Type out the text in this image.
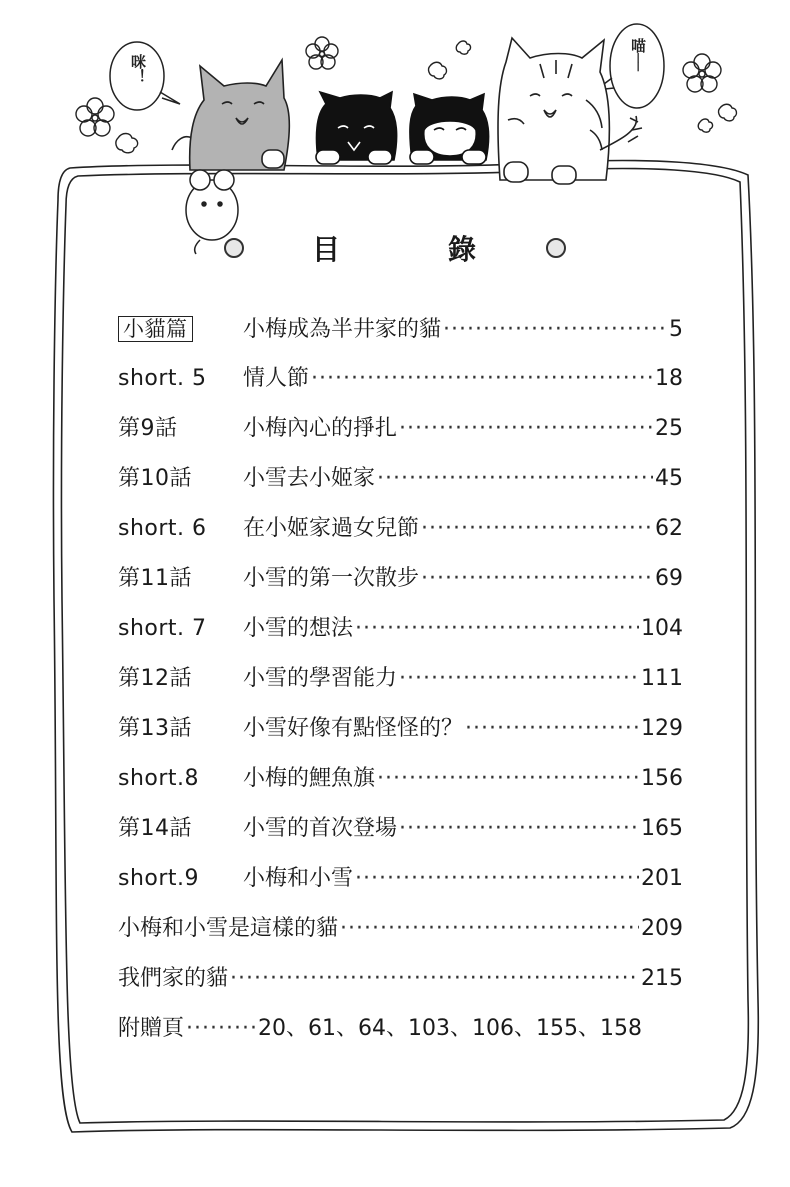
咪！	喵──
目	錄
小貓篇	小梅成為半井家的貓 ·····	5
short. 5	情人節 ·····	18
第9話	小梅內心的掙扎 ·····	25
第10話	小雪去小姬家 ·····	45
short. 6	在小姬家過女兒節 ·····	62
第11話	小雪的第一次散步 ·····	69
short. 7	小雪的想法 ·····	104
第12話	小雪的學習能力 ·····	111
第13話	小雪好像有點怪怪的？ ·····	129
short.8	小梅的鯉魚旗 ·····	156
第14話	小雪的首次登場 ·····	165
short.9	小梅和小雪 ·····	201
小梅和小雪是這樣的貓 ·····	209
我們家的貓 ·····	215
附贈頁 ·····	20、61、64、103、106、155、158
